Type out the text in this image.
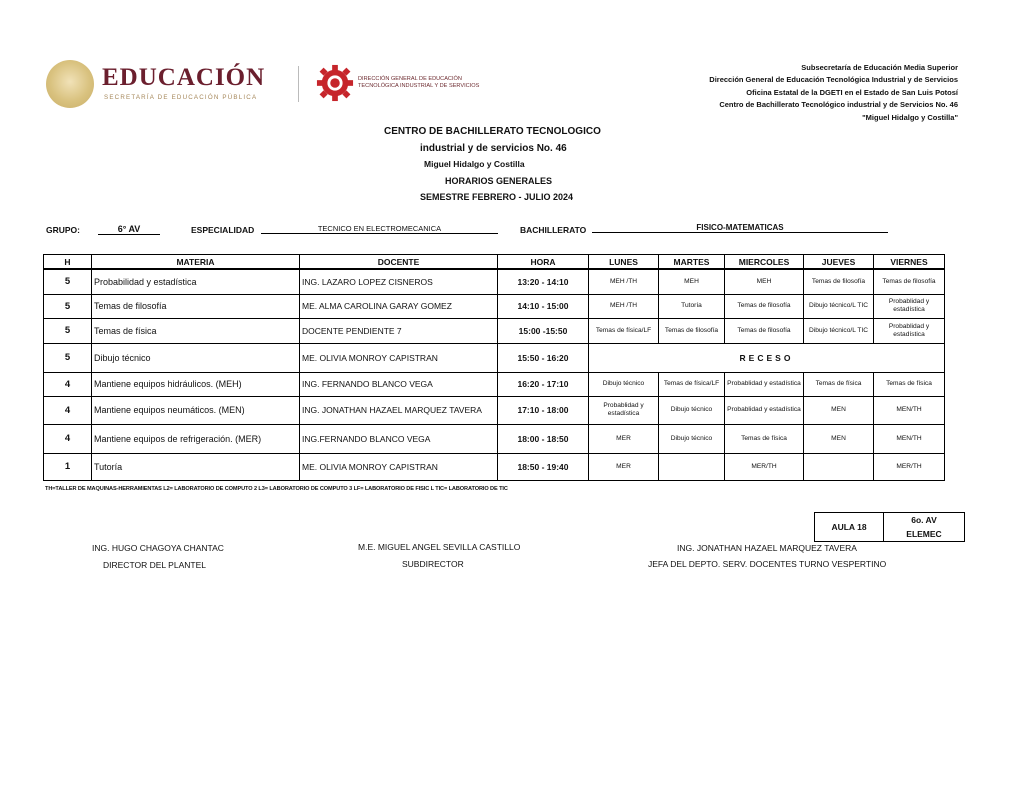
EDUCACIÓN
SECRETARÍA DE EDUCACIÓN PÚBLICA
DIRECCIÓN GENERAL DE EDUCACIÓN
TECNOLÓGICA INDUSTRIAL Y DE SERVICIOS
Subsecretaría de Educación Media Superior
Dirección General de Educación Tecnológica Industrial y de Servicios
Oficina Estatal de la DGETI en el Estado de San Luis Potosí
Centro de Bachillerato Tecnológico industrial y de Servicios No. 46
"Miguel Hidalgo y Costilla"
CENTRO DE BACHILLERATO TECNOLOGICO
industrial y de servicios No. 46
Miguel Hidalgo y Costilla
HORARIOS GENERALES
SEMESTRE FEBRERO - JULIO 2024
GRUPO:	6° AV	ESPECIALIDAD	TECNICO EN ELECTROMECANICA	BACHILLERATO	FISICO-MATEMATICAS
H	MATERIA	DOCENTE	HORA	LUNES	MARTES	MIERCOLES	JUEVES	VIERNES
5	Probabilidad y estadística	ING. LAZARO LOPEZ CISNEROS	13:20 - 14:10	MEH /TH	MEH	MEH	Temas de filosofía	Temas de filosofía
5	Temas de filosofía	ME. ALMA CAROLINA GARAY GOMEZ	14:10 - 15:00	MEH /TH	Tutoría	Temas de filosofía	Dibujo técnico/L TIC	Probablidad y estadística
5	Temas de física	DOCENTE PENDIENTE 7	15:00 -15:50	Temas de física/LF	Temas de filosofía	Temas de filosofía	Dibujo técnico/L TIC	Probablidad y estadística
5	Dibujo técnico	ME. OLIVIA MONROY CAPISTRAN	15:50 - 16:20	RECESO				
4	Mantiene equipos hidráulicos. (MEH)	ING. FERNANDO BLANCO VEGA	16:20 - 17:10	Dibujo técnico	Temas de física/LF	Probablidad y estadística	Temas de física	Temas de física
4	Mantiene equipos neumáticos. (MEN)	ING. JONATHAN HAZAEL MARQUEZ TAVERA	17:10 - 18:00	Probablidad y estadística	Dibujo técnico	Probablidad y estadística	MEN	MEN/TH
4	Mantiene equipos de refrigeración. (MER)	ING.FERNANDO BLANCO VEGA	18:00 - 18:50	MER	Dibujo técnico	Temas de física	MEN	MEN/TH
1	Tutoría	ME. OLIVIA MONROY CAPISTRAN	18:50 - 19:40	MER		MER/TH		MER/TH
TH=TALLER DE MAQUINAS-HERRAMIENTAS L2= LABORATORIO DE COMPUTO 2 L3= LABORATORIO DE COMPUTO 3 LF= LABORATORIO DE FISIC L TIC= LABORATORIO DE TIC
AULA 18	6o. AV
ELEMEC
ING. HUGO CHAGOYA CHANTAC
DIRECTOR DEL PLANTEL
M.E. MIGUEL ANGEL SEVILLA CASTILLO
SUBDIRECTOR
ING. JONATHAN HAZAEL MARQUEZ TAVERA
JEFA DEL DEPTO. SERV. DOCENTES TURNO VESPERTINO
